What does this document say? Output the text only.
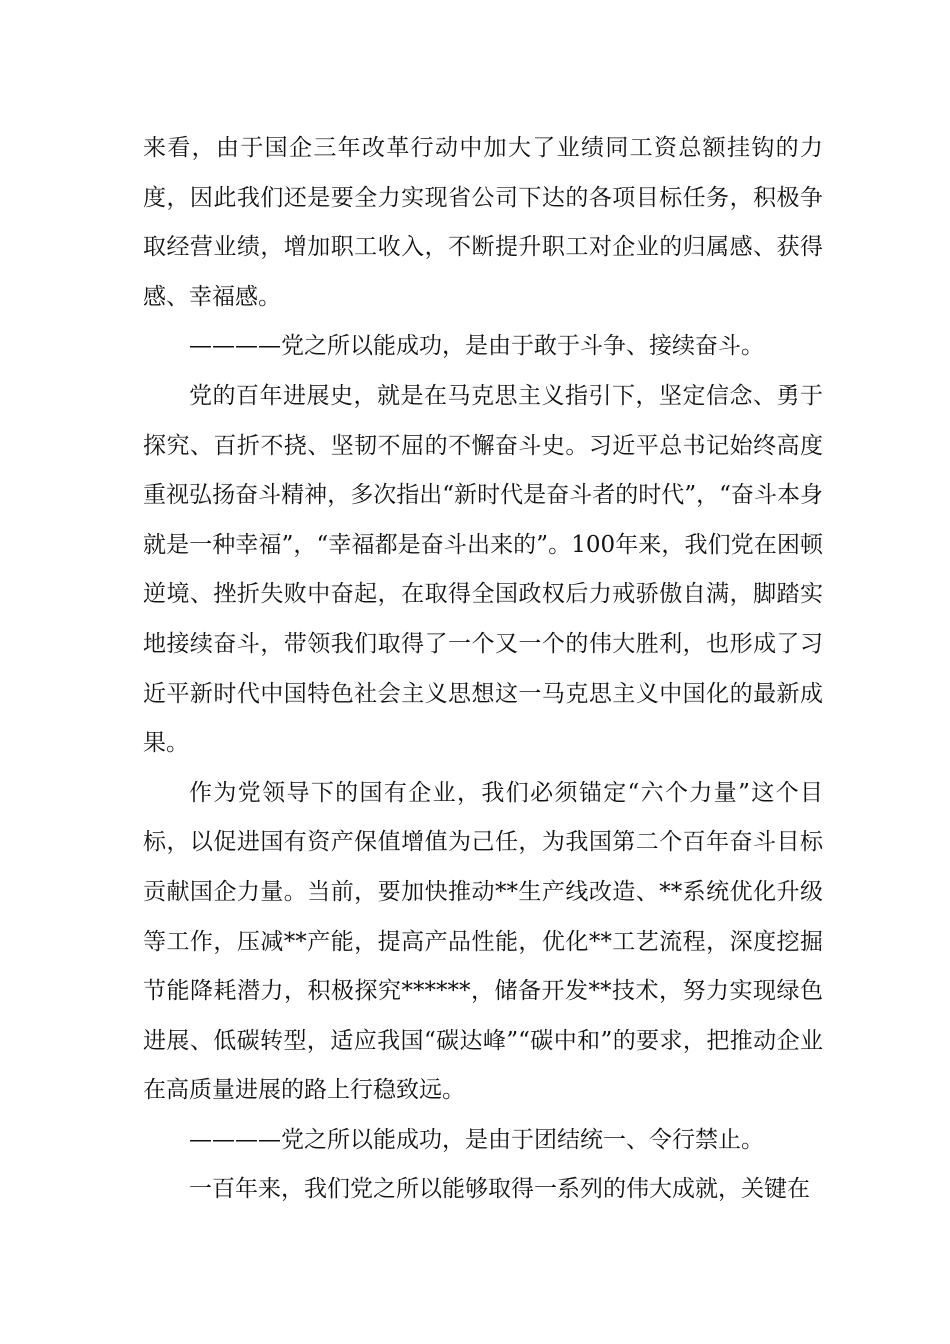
来看，由于国企三年改革行动中加大了业绩同工资总额挂钩的力度，因此我们还是要全力实现省公司下达的各项目标任务，积极争取经营业绩，增加职工收入，不断提升职工对企业的归属感、获得感、幸福感。

————党之所以能成功，是由于敢于斗争、接续奋斗。

党的百年进展史，就是在马克思主义指引下，坚定信念、勇于探究、百折不挠、坚韧不屈的不懈奋斗史。习近平总书记始终高度重视弘扬奋斗精神，多次指出“新时代是奋斗者的时代”，“奋斗本身就是一种幸福”，“幸福都是奋斗出来的”。100年来，我们党在困顿逆境、挫折失败中奋起，在取得全国政权后力戒骄傲自满，脚踏实地接续奋斗，带领我们取得了一个又一个的伟大胜利，也形成了习近平新时代中国特色社会主义思想这一马克思主义中国化的最新成果。

作为党领导下的国有企业，我们必须锚定“六个力量”这个目标，以促进国有资产保值增值为己任，为我国第二个百年奋斗目标贡献国企力量。当前，要加快推动**生产线改造、**系统优化升级等工作，压减**产能，提高产品性能，优化**工艺流程，深度挖掘节能降耗潜力，积极探究******，储备开发**技术，努力实现绿色进展、低碳转型，适应我国“碳达峰”“碳中和”的要求，把推动企业在高质量进展的路上行稳致远。

————党之所以能成功，是由于团结统一、令行禁止。

一百年来，我们党之所以能够取得一系列的伟大成就，关键在
